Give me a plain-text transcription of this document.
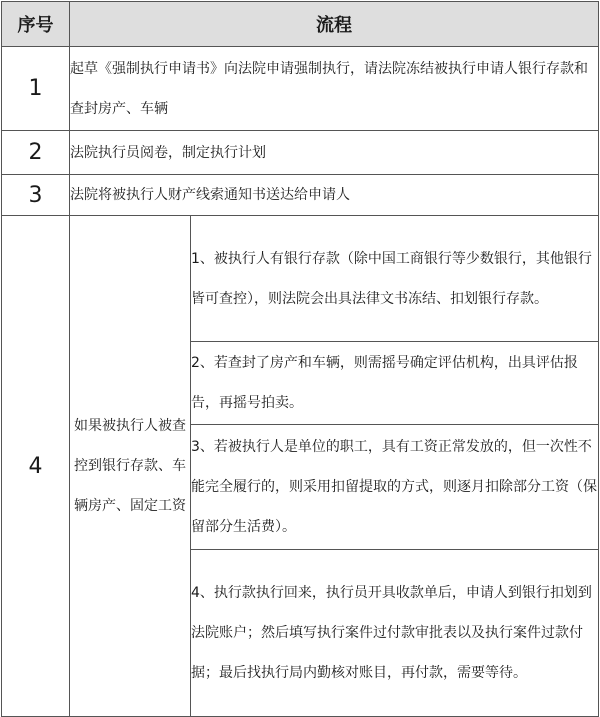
序号	流程	
1	起草《强制执行申请书》向法院申请强制执行，请法院冻结被执行申请人银行存款和查封房产、车辆	
2	法院执行员阅卷，制定执行计划	
3	法院将被执行人财产线索通知书送达给申请人	
4	如果被执行人被查控到银行存款、车辆房产、固定工资	1、被执行人有银行存款（除中国工商银行等少数银行，其他银行皆可查控），则法院会出具法律文书冻结、扣划银行存款。
		2、若查封了房产和车辆，则需摇号确定评估机构，出具评估报告，再摇号拍卖。
		3、若被执行人是单位的职工，具有工资正常发放的，但一次性不能完全履行的，则采用扣留提取的方式，则逐月扣除部分工资（保留部分生活费）。
		4、执行款执行回来，执行员开具收款单后，申请人到银行扣划到法院账户；然后填写执行案件过付款审批表以及执行案件过款付据；最后找执行局内勤核对账目，再付款，需要等待。
